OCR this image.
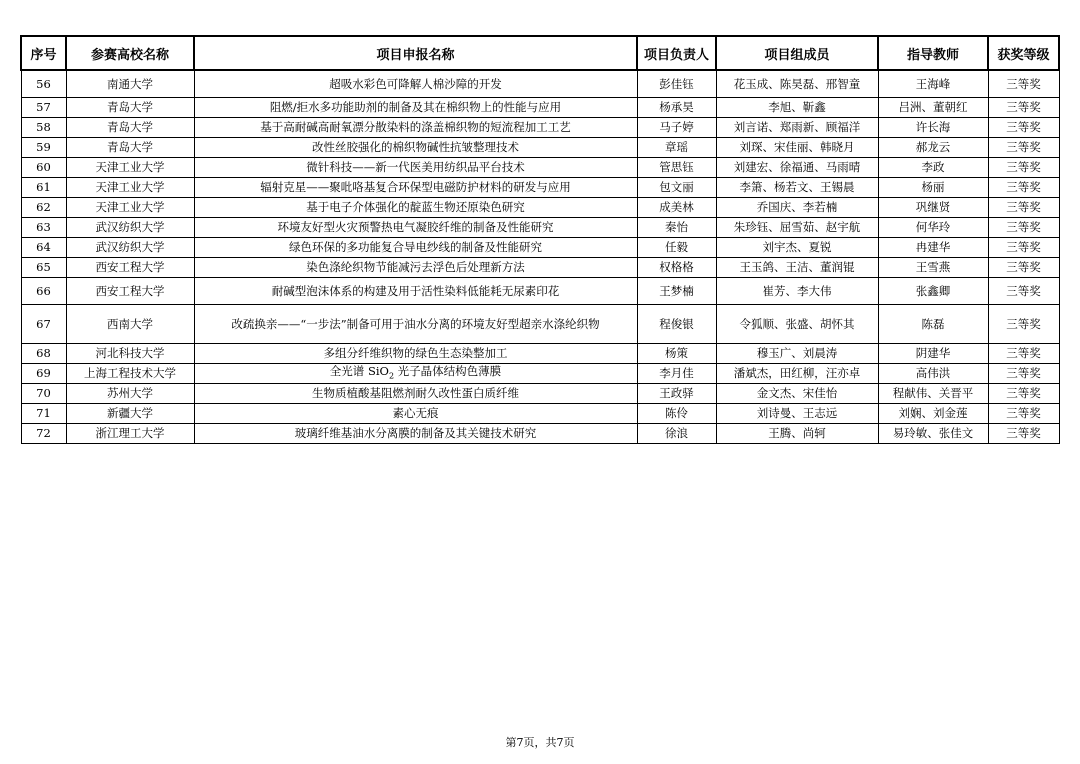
序号	参赛高校名称	项目申报名称	项目负责人	项目组成员	指导教师	获奖等级
56	南通大学	超吸水彩色可降解人棉沙障的开发	彭佳钰	花玉成、陈昊磊、邢智童	王海峰	三等奖
57	青岛大学	阻燃/拒水多功能助剂的制备及其在棉织物上的性能与应用	杨承昊	李旭、靳鑫	吕洲、董朝红	三等奖
58	青岛大学	基于高耐碱高耐氧漂分散染料的涤盖棉织物的短流程加工工艺	马子婷	刘言诺、郑雨新、顾福洋	许长海	三等奖
59	青岛大学	改性丝胶强化的棉织物碱性抗皱整理技术	章瑶	刘琛、宋佳丽、韩晓月	郝龙云	三等奖
60	天津工业大学	微针科技——新一代医美用纺织品平台技术	管思钰	刘建宏、徐福通、马雨晴	李政	三等奖
61	天津工业大学	辐射克星——聚吡咯基复合环保型电磁防护材料的研发与应用	包文丽	李箫、杨若文、王锡晨	杨丽	三等奖
62	天津工业大学	基于电子介体强化的靛蓝生物还原染色研究	成美林	乔国庆、李若楠	巩继贤	三等奖
63	武汉纺织大学	环境友好型火灾预警热电气凝胶纤维的制备及性能研究	秦怡	朱珍钰、屈雪茹、赵宇航	何华玲	三等奖
64	武汉纺织大学	绿色环保的多功能复合导电纱线的制备及性能研究	任毅	刘宇杰、夏锐	冉建华	三等奖
65	西安工程大学	染色涤纶织物节能减污去浮色后处理新方法	权格格	王玉鸽、王洁、董润锟	王雪燕	三等奖
66	西安工程大学	耐碱型泡沫体系的构建及用于活性染料低能耗无尿素印花	王梦楠	崔芳、李大伟	张鑫卿	三等奖
67	西南大学	改疏换亲——“一步法”制备可用于油水分离的环境友好型超亲水涤纶织物	程俊银	令狐顺、张盛、胡怀其	陈磊	三等奖
68	河北科技大学	多组分纤维织物的绿色生态染整加工	杨策	穆玉广、刘晨涛	阴建华	三等奖
69	上海工程技术大学	全光谱 SiO$_2$ 光子晶体结构色薄膜	李月佳	潘斌杰，田红柳，汪亦卓	高伟洪	三等奖
70	苏州大学	生物质植酸基阻燃剂耐久改性蛋白质纤维	王政驿	金文杰、宋佳怡	程献伟、关晋平	三等奖
71	新疆大学	素心无痕	陈伶	刘诗曼、王志远	刘娴、刘金莲	三等奖
72	浙江理工大学	玻璃纤维基油水分离膜的制备及其关键技术研究	徐浪	王腾、尚轲	易玲敏、张佳文	三等奖
第7页，共7页
